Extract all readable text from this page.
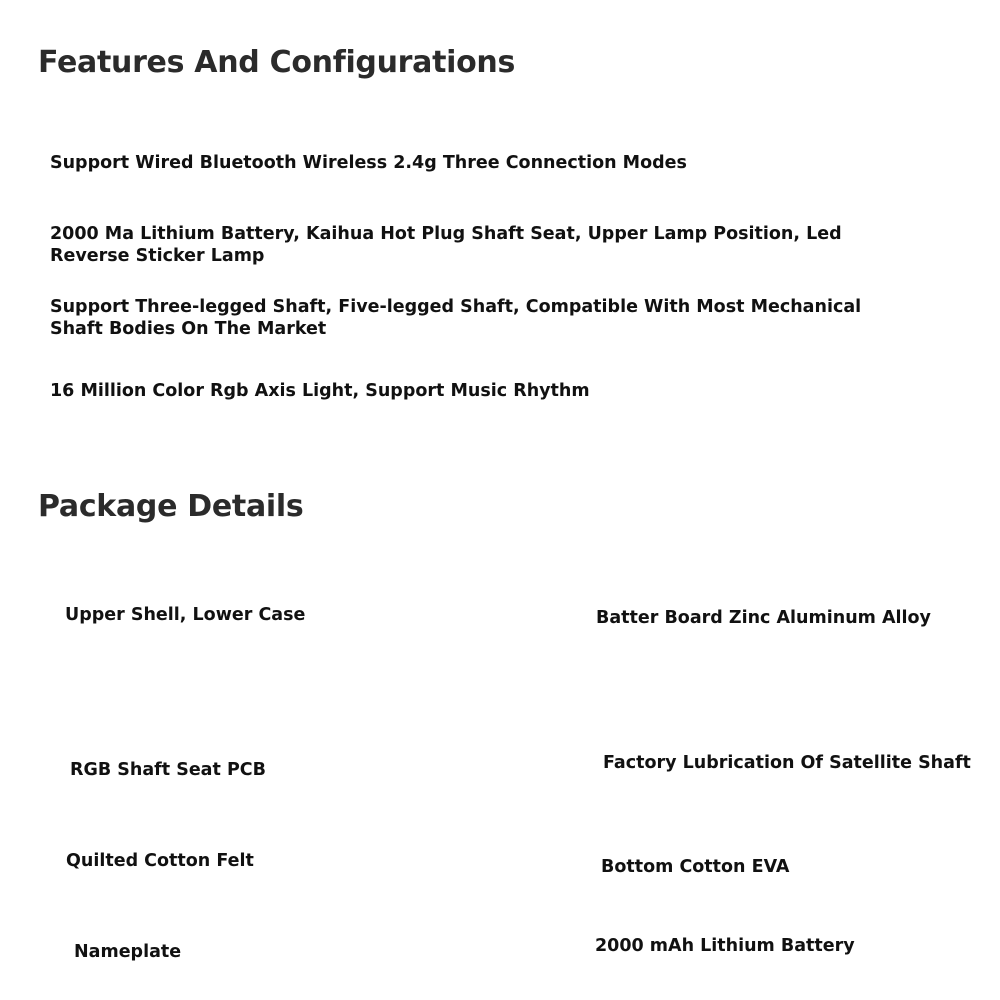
Features And Configurations

Support Wired Bluetooth Wireless 2.4g Three Connection Modes

2000 Ma Lithium Battery, Kaihua Hot Plug Shaft Seat, Upper Lamp Position, Led Reverse Sticker Lamp

Support Three-legged Shaft, Five-legged Shaft, Compatible With Most Mechanical Shaft Bodies On The Market

16 Million Color Rgb Axis Light, Support Music Rhythm

Package Details

Upper Shell, Lower Case	Batter Board Zinc Aluminum Alloy

RGB Shaft Seat PCB	Factory Lubrication Of Satellite Shaft

Quilted Cotton Felt	Bottom Cotton EVA

Nameplate	2000 mAh Lithium Battery
